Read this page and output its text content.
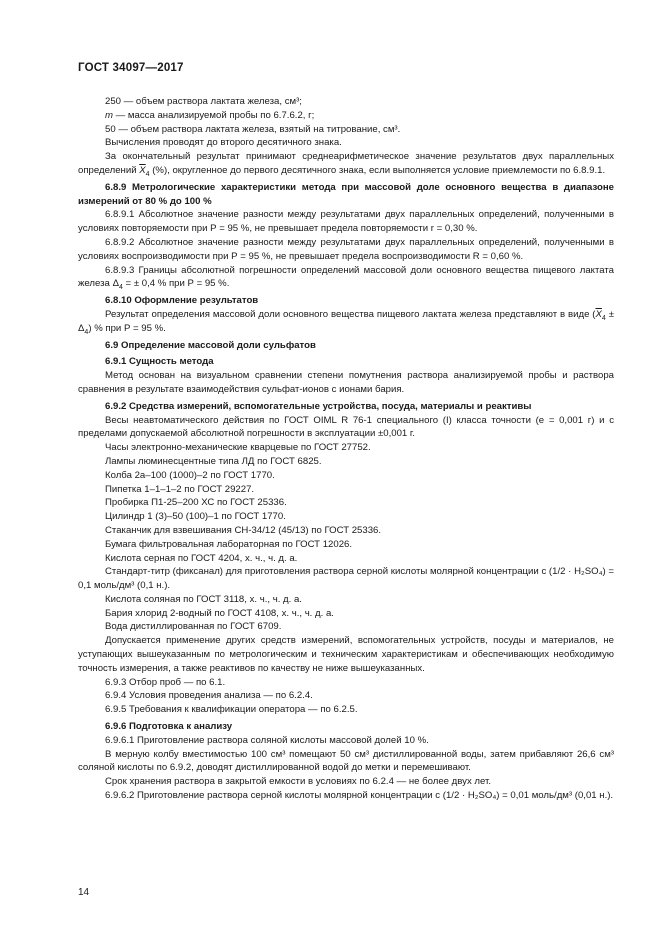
ГОСТ 34097—2017

250 — объем раствора лактата железа, см³;

m — масса анализируемой пробы по 6.7.6.2, г;

50 — объем раствора лактата железа, взятый на титрование, см³.

Вычисления проводят до второго десятичного знака.

За окончательный результат принимают среднеарифметическое значение результатов двух параллельных определений $\overline{X}_4$ (%), округленное до первого десятичного знака, если выполняется условие приемлемости по 6.8.9.1.

6.8.9 Метрологические характеристики метода при массовой доле основного вещества в диапазоне измерений от 80 % до 100 %

6.8.9.1 Абсолютное значение разности между результатами двух параллельных определений, полученными в условиях повторяемости при Р = 95 %, не превышает предела повторяемости r = 0,30 %.

6.8.9.2 Абсолютное значение разности между результатами двух параллельных определений, полученными в условиях воспроизводимости при Р = 95 %, не превышает предела воспроизводимости R = 0,60 %.

6.8.9.3 Границы абсолютной погрешности определений массовой доли основного вещества пищевого лактата железа $\Delta_4$ = ± 0,4 % при Р = 95 %.

6.8.10 Оформление результатов

Результат определения массовой доли основного вещества пищевого лактата железа представляют в виде $(\overline{X}_4 \pm \Delta_4)$ % при Р = 95 %.

6.9 Определение массовой доли сульфатов

6.9.1 Сущность метода

Метод основан на визуальном сравнении степени помутнения раствора анализируемой пробы и раствора сравнения в результате взаимодействия сульфат-ионов с ионами бария.

6.9.2 Средства измерений, вспомогательные устройства, посуда, материалы и реактивы

Весы неавтоматического действия по ГОСТ OIML R 76-1 специального (I) класса точности (е = 0,001 г) и с пределами допускаемой абсолютной погрешности в эксплуатации ±0,001 г.

Часы электронно-механические кварцевые по ГОСТ 27752.

Лампы люминесцентные типа ЛД по ГОСТ 6825.

Колба 2а–100 (1000)–2 по ГОСТ 1770.

Пипетка 1–1–1–2 по ГОСТ 29227.

Пробирка П1-25–200 ХС по ГОСТ 25336.

Цилиндр 1 (3)–50 (100)–1 по ГОСТ 1770.

Стаканчик для взвешивания СН-34/12 (45/13) по ГОСТ 25336.

Бумага фильтровальная лабораторная по ГОСТ 12026.

Кислота серная по ГОСТ 4204, х. ч., ч. д. а.

Стандарт-титр (фиксанал) для приготовления раствора серной кислоты молярной концентрации с (1/2 · H₂SO₄) = 0,1 моль/дм³ (0,1 н.).

Кислота соляная по ГОСТ 3118, х. ч., ч. д. а.

Бария хлорид 2-водный по ГОСТ 4108, х. ч., ч. д. а.

Вода дистиллированная по ГОСТ 6709.

Допускается применение других средств измерений, вспомогательных устройств, посуды и материалов, не уступающих вышеуказанным по метрологическим и техническим характеристикам и обеспечивающих необходимую точность измерения, а также реактивов по качеству не ниже вышеуказанных.

6.9.3 Отбор проб — по 6.1.

6.9.4 Условия проведения анализа — по 6.2.4.

6.9.5 Требования к квалификации оператора — по 6.2.5.

6.9.6 Подготовка к анализу

6.9.6.1 Приготовление раствора соляной кислоты массовой долей 10 %.

В мерную колбу вместимостью 100 см³ помещают 50 см³ дистиллированной воды, затем прибавляют 26,6 см³ соляной кислоты по 6.9.2, доводят дистиллированной водой до метки и перемешивают.

Срок хранения раствора в закрытой емкости в условиях по 6.2.4 — не более двух лет.

6.9.6.2 Приготовление раствора серной кислоты молярной концентрации с (1/2 · H₂SO₄) = 0,01 моль/дм³ (0,01 н.).

14
